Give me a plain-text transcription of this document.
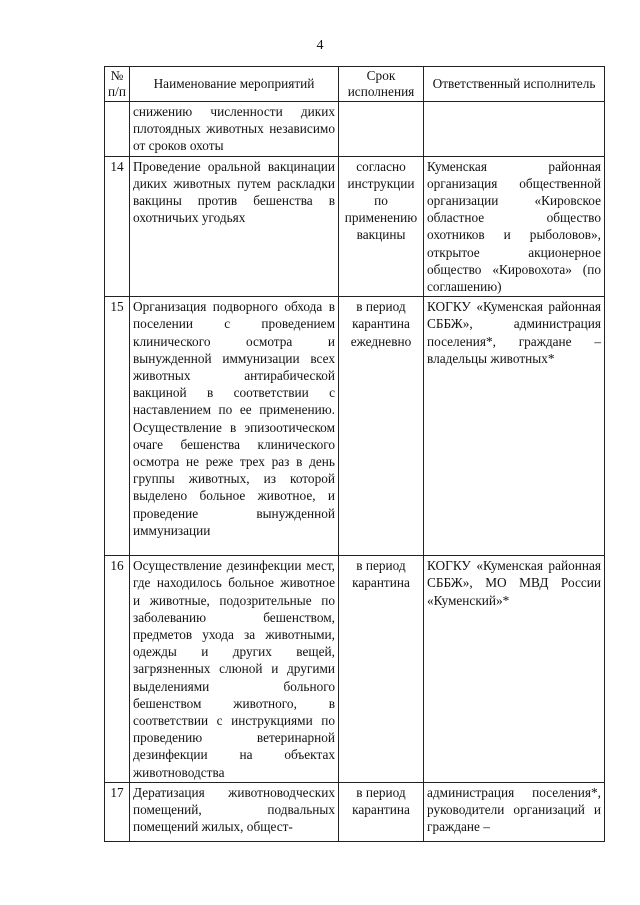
4
№ п/п	Наименование мероприятий	Срок исполнения	Ответственный исполнитель
	снижению численности диких плотоядных животных независимо от сроков охоты		
14	Проведение оральной вакцинации диких животных путем раскладки вакцины против бешенства в охотничьих угодьях	согласно инструкции по применению вакцины	Куменская районная организация общественной организации «Кировское областное общество охотников и рыболовов», открытое акционерное общество «Кировохота» (по соглашению)
15	Организация подворного обхода в поселении с проведением клинического осмотра и вынужденной иммунизации всех животных антирабической вакциной в соответствии с наставлением по ее применению. Осуществление в эпизоотическом очаге бешенства клинического осмотра не реже трех раз в день группы животных, из которой выделено больное животное, и проведение вынужденной иммунизации	в период карантина ежедневно	КОГКУ «Куменская районная СББЖ», администрация поселения*, граждане – владельцы животных*
16	Осуществление дезинфекции мест, где находилось больное животное и животные, подозрительные по заболеванию бешенством, предметов ухода за животными, одежды и других вещей, загрязненных слюной и другими выделениями больного бешенством животного, в соответствии с инструкциями по проведению ветеринарной дезинфекции на объектах животноводства	в период карантина	КОГКУ «Куменская районная СББЖ», МО МВД России «Куменский»*
17	Дератизация животноводческих помещений, подвальных помещений жилых, общест-	в период карантина	администрация поселения*, руководители организаций и граждане –
